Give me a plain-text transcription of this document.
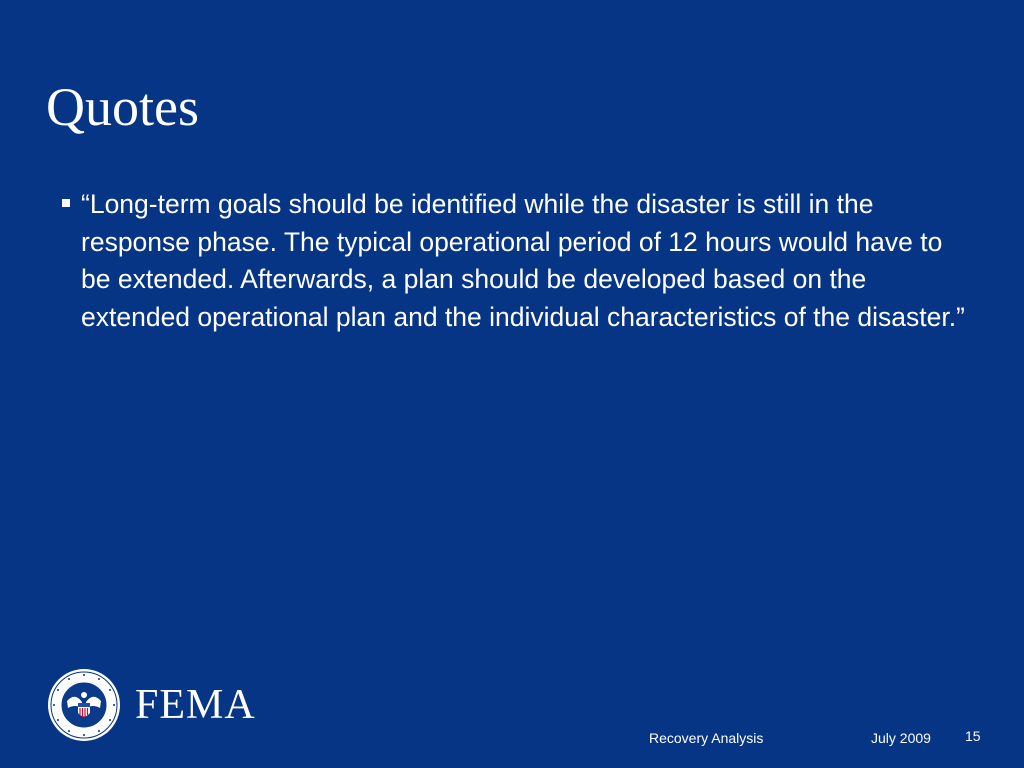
Quotes
“Long-term goals should be identified while the disaster is still in the response phase. The typical operational period of 12 hours would have to be extended. Afterwards, a plan should be developed based on the extended operational plan and the individual characteristics of the disaster.”
FEMA
Recovery Analysis	July 2009 15
